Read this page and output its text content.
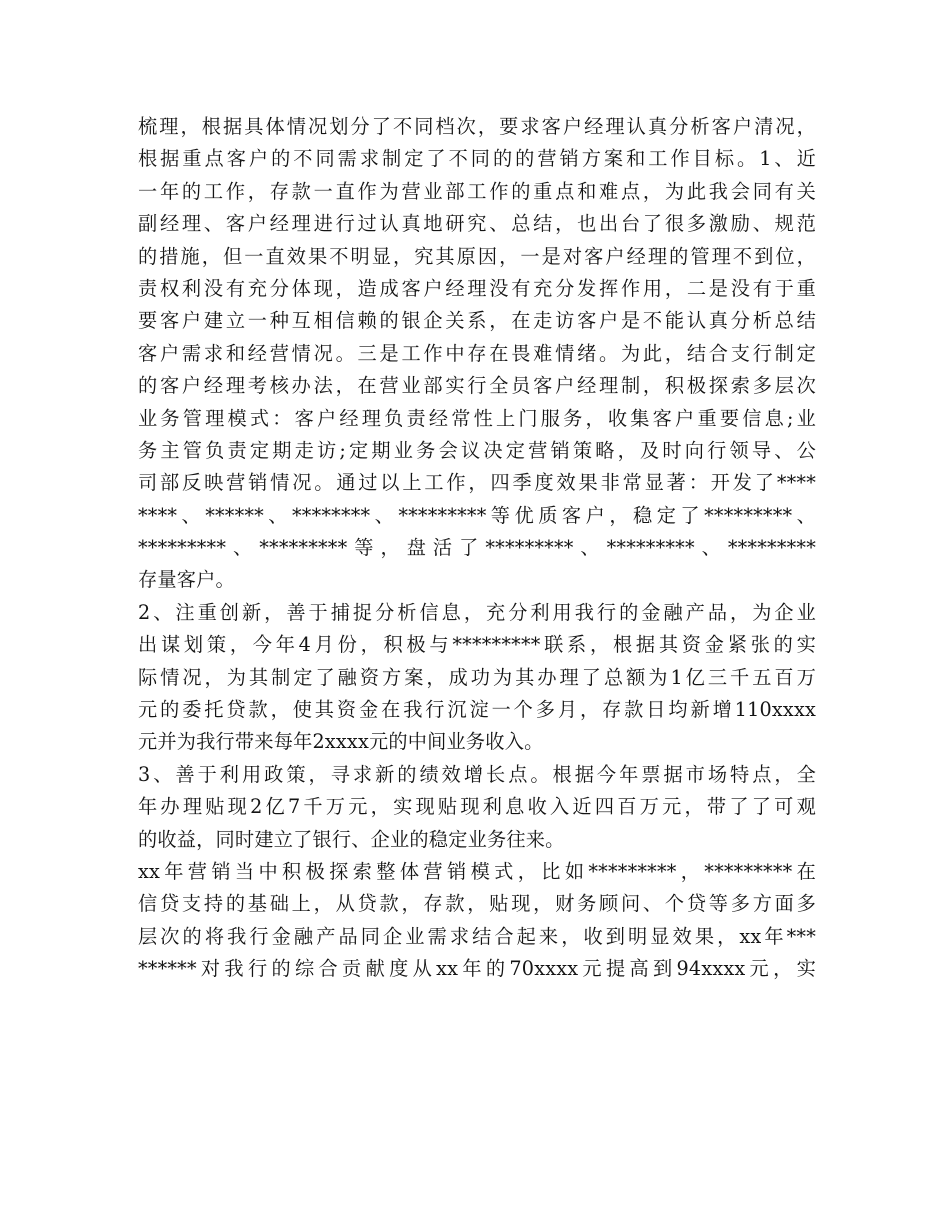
梳理，根据具体情况划分了不同档次，要求客户经理认真分析客户清况，
根据重点客户的不同需求制定了不同的的营销方案和工作目标。1、近
一年的工作，存款一直作为营业部工作的重点和难点，为此我会同有关
副经理、客户经理进行过认真地研究、总结，也出台了很多激励、规范
的措施，但一直效果不明显，究其原因，一是对客户经理的管理不到位，
责权利没有充分体现，造成客户经理没有充分发挥作用，二是没有于重
要客户建立一种互相信赖的银企关系，在走访客户是不能认真分析总结
客户需求和经营情况。三是工作中存在畏难情绪。为此，结合支行制定
的客户经理考核办法，在营业部实行全员客户经理制，积极探索多层次
业务管理模式：客户经理负责经常性上门服务，收集客户重要信息;业
务主管负责定期走访;定期业务会议决定营销策略，及时向行领导、公
司部反映营销情况。通过以上工作，四季度效果非常显著：开发了****
****、******、********、*********等优质客户，稳定了*********、
*********、*********等，盘活了*********、*********、*********
存量客户。
2、注重创新，善于捕捉分析信息，充分利用我行的金融产品，为企业
出谋划策，今年4月份，积极与*********联系，根据其资金紧张的实
际情况，为其制定了融资方案，成功为其办理了总额为1亿三千五百万
元的委托贷款，使其资金在我行沉淀一个多月，存款日均新增110xxxx
元并为我行带来每年2xxxx元的中间业务收入。
3、善于利用政策，寻求新的绩效增长点。根据今年票据市场特点，全
年办理贴现2亿7千万元，实现贴现利息收入近四百万元，带了了可观
的收益，同时建立了银行、企业的稳定业务往来。
xx年营销当中积极探索整体营销模式，比如*********，*********在
信贷支持的基础上，从贷款，存款，贴现，财务顾问、个贷等多方面多
层次的将我行金融产品同企业需求结合起来，收到明显效果，xx年***
******对我行的综合贡献度从xx年的70xxxx元提高到94xxxx元，实
